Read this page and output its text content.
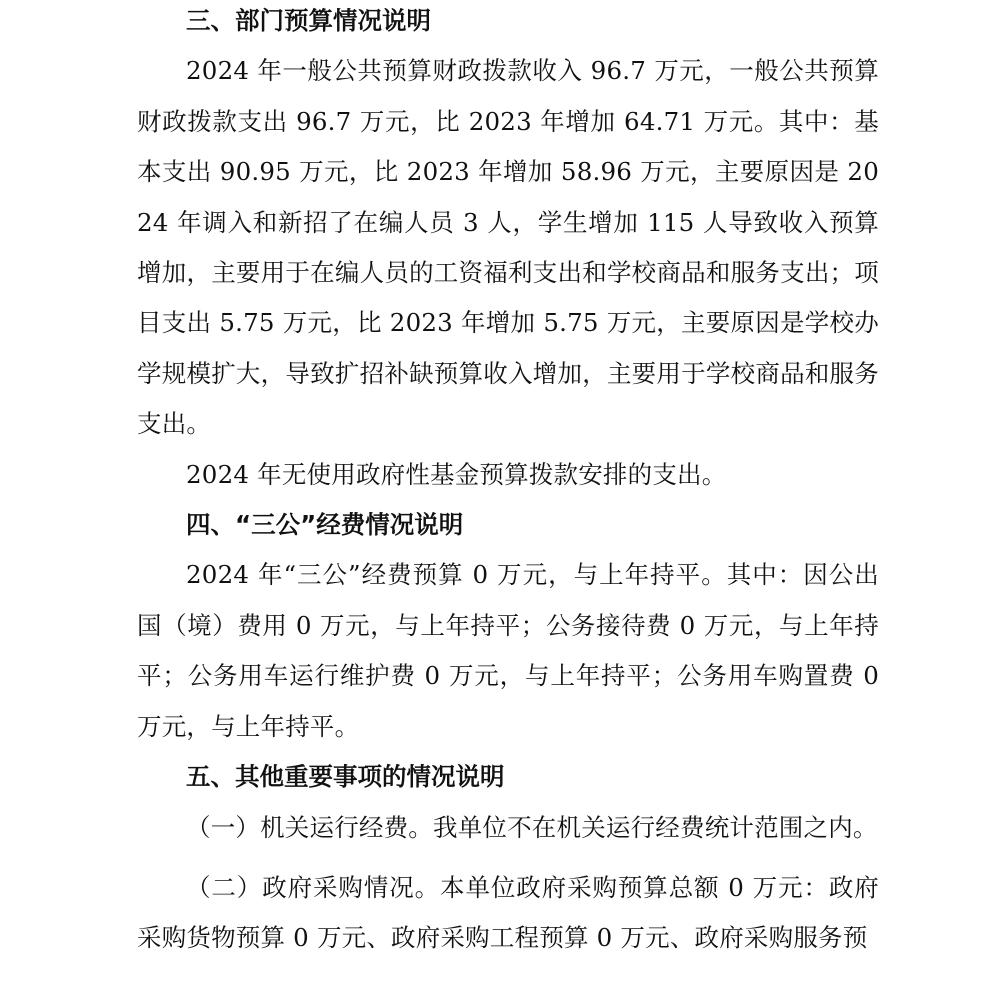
三、部门预算情况说明

2024 年一般公共预算财政拨款收入 96.7 万元，一般公共预算财政拨款支出 96.7 万元，比 2023 年增加 64.71 万元。其中：基本支出 90.95 万元，比 2023 年增加 58.96 万元，主要原因是 2024 年调入和新招了在编人员 3 人，学生增加 115 人导致收入预算增加，主要用于在编人员的工资福利支出和学校商品和服务支出；项目支出 5.75 万元，比 2023 年增加 5.75 万元，主要原因是学校办学规模扩大，导致扩招补缺预算收入增加，主要用于学校商品和服务支出。

2024 年无使用政府性基金预算拨款安排的支出。

四、“三公”经费情况说明

2024 年“三公”经费预算 0 万元，与上年持平。其中：因公出国（境）费用 0 万元，与上年持平；公务接待费 0 万元，与上年持平；公务用车运行维护费 0 万元，与上年持平；公务用车购置费 0 万元，与上年持平。

五、其他重要事项的情况说明

（一）机关运行经费。我单位不在机关运行经费统计范围之内。

（二）政府采购情况。本单位政府采购预算总额 0 万元：政府采购货物预算 0 万元、政府采购工程预算 0 万元、政府采购服务预
